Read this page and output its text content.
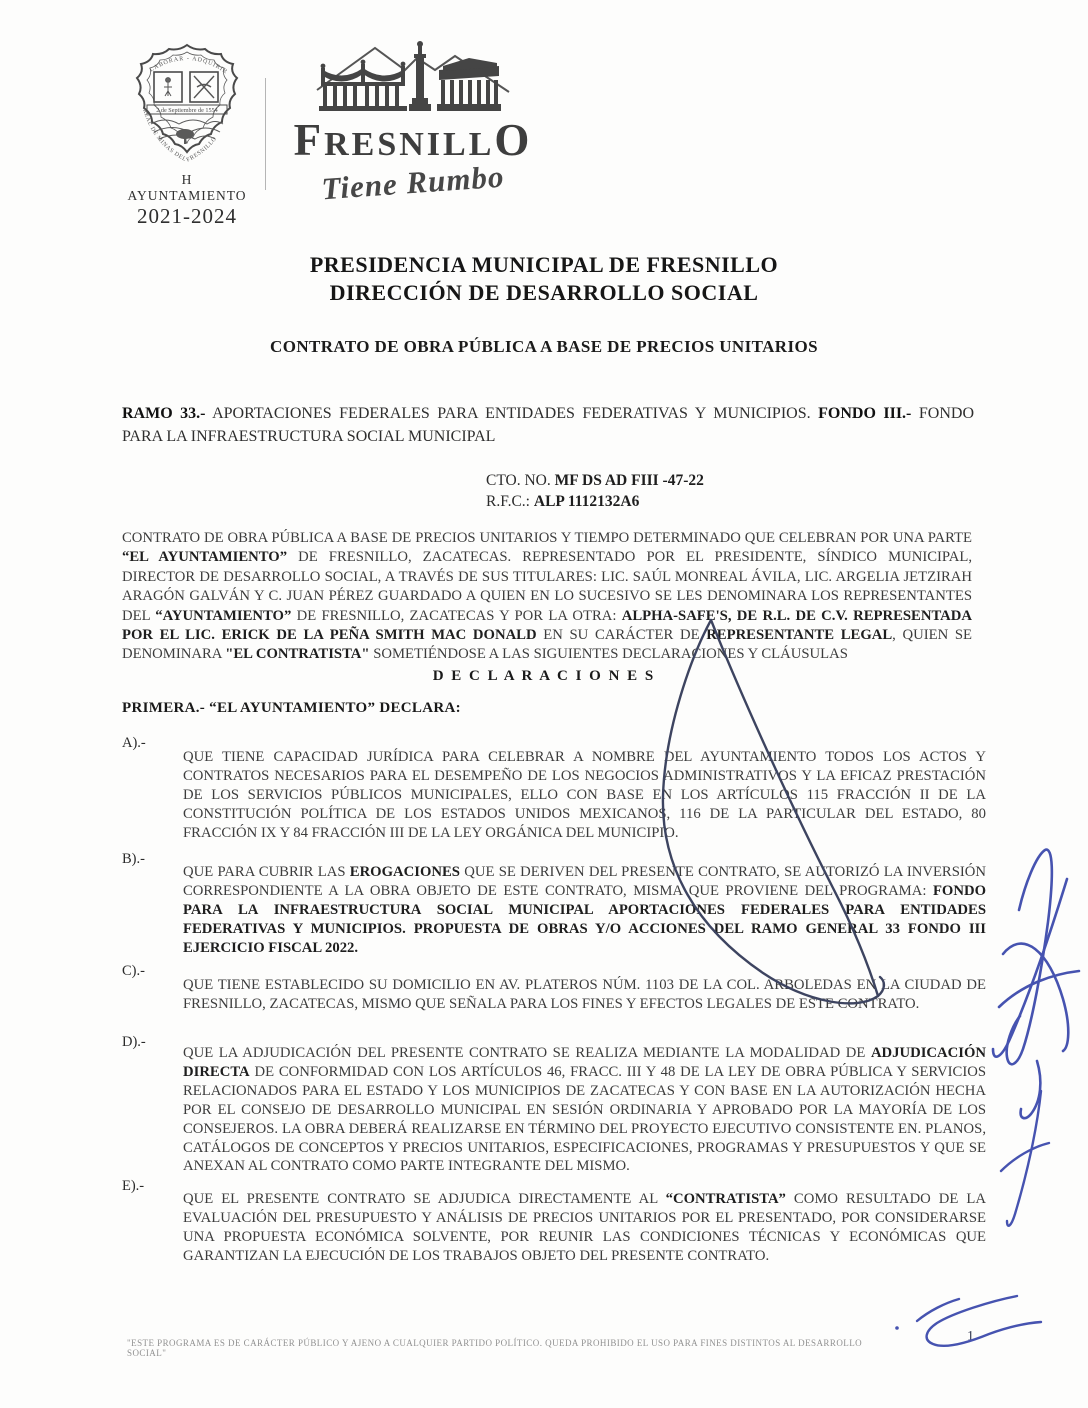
LABORAR - ADQUIRIR
2 de Septiembre de 1554
REAL DE MINAS DEL FRESNILLO
H AYUNTAMIENTO
2021-2024
FRESNILLO
Tiene Rumbo
PRESIDENCIA MUNICIPAL DE FRESNILLO
DIRECCIÓN DE DESARROLLO SOCIAL
CONTRATO DE OBRA PÚBLICA A BASE DE PRECIOS UNITARIOS
RAMO 33.- APORTACIONES FEDERALES PARA ENTIDADES FEDERATIVAS Y MUNICIPIOS. FONDO III.- FONDO PARA LA INFRAESTRUCTURA SOCIAL MUNICIPAL
CTO. NO. MF DS AD FIII -47-22
R.F.C.: ALP 1112132A6
CONTRATO DE OBRA PÚBLICA A BASE DE PRECIOS UNITARIOS Y TIEMPO DETERMINADO QUE CELEBRAN POR UNA PARTE “EL AYUNTAMIENTO” DE FRESNILLO, ZACATECAS. REPRESENTADO POR EL PRESIDENTE, SÍNDICO MUNICIPAL, DIRECTOR DE DESARROLLO SOCIAL, A TRAVÉS DE SUS TITULARES: LIC. SAÚL MONREAL ÁVILA, LIC. ARGELIA JETZIRAH ARAGÓN GALVÁN Y C. JUAN PÉREZ GUARDADO A QUIEN EN LO SUCESIVO SE LES DENOMINARA LOS REPRESENTANTES DEL “AYUNTAMIENTO” DE FRESNILLO, ZACATECAS Y POR LA OTRA: ALPHA-SAFE'S, DE R.L. DE C.V. REPRESENTADA POR EL LIC. ERICK DE LA PEÑA SMITH MAC DONALD EN SU CARÁCTER DE REPRESENTANTE LEGAL, QUIEN SE DENOMINARA "EL CONTRATISTA" SOMETIÉNDOSE A LAS SIGUIENTES DECLARACIONES Y CLÁUSULAS
D E C L A R A C I O N E S
PRIMERA.- “EL AYUNTAMIENTO” DECLARA:
A).-
QUE TIENE CAPACIDAD JURÍDICA PARA CELEBRAR A NOMBRE DEL AYUNTAMIENTO TODOS LOS ACTOS Y CONTRATOS NECESARIOS PARA EL DESEMPEÑO DE LOS NEGOCIOS ADMINISTRATIVOS Y LA EFICAZ PRESTACIÓN DE LOS SERVICIOS PÚBLICOS MUNICIPALES, ELLO CON BASE EN LOS ARTÍCULOS 115 FRACCIÓN II DE LA CONSTITUCIÓN POLÍTICA DE LOS ESTADOS UNIDOS MEXICANOS, 116 DE LA PARTICULAR DEL ESTADO, 80 FRACCIÓN IX Y 84 FRACCIÓN III DE LA LEY ORGÁNICA DEL MUNICIPIO.
B).-
QUE PARA CUBRIR LAS EROGACIONES QUE SE DERIVEN DEL PRESENTE CONTRATO, SE AUTORIZÓ LA INVERSIÓN CORRESPONDIENTE A LA OBRA OBJETO DE ESTE CONTRATO, MISMA QUE PROVIENE DEL PROGRAMA: FONDO PARA LA INFRAESTRUCTURA SOCIAL MUNICIPAL APORTACIONES FEDERALES PARA ENTIDADES FEDERATIVAS Y MUNICIPIOS. PROPUESTA DE OBRAS Y/O ACCIONES DEL RAMO GENERAL 33 FONDO III EJERCICIO FISCAL 2022.
C).-
QUE TIENE ESTABLECIDO SU DOMICILIO EN AV. PLATEROS NÚM. 1103 DE LA COL. ARBOLEDAS EN LA CIUDAD DE FRESNILLO, ZACATECAS, MISMO QUE SEÑALA PARA LOS FINES Y EFECTOS LEGALES DE ESTE CONTRATO.
D).-
QUE LA ADJUDICACIÓN DEL PRESENTE CONTRATO SE REALIZA MEDIANTE LA MODALIDAD DE ADJUDICACIÓN DIRECTA DE CONFORMIDAD CON LOS ARTÍCULOS 46, FRACC. III Y 48 DE LA LEY DE OBRA PÚBLICA Y SERVICIOS RELACIONADOS PARA EL ESTADO Y LOS MUNICIPIOS DE ZACATECAS Y CON BASE EN LA AUTORIZACIÓN HECHA POR EL CONSEJO DE DESARROLLO MUNICIPAL EN SESIÓN ORDINARIA Y APROBADO POR LA MAYORÍA DE LOS CONSEJEROS. LA OBRA DEBERÁ REALIZARSE EN TÉRMINO DEL PROYECTO EJECUTIVO CONSISTENTE EN. PLANOS, CATÁLOGOS DE CONCEPTOS Y PRECIOS UNITARIOS, ESPECIFICACIONES, PROGRAMAS Y PRESUPUESTOS Y QUE SE ANEXAN AL CONTRATO COMO PARTE INTEGRANTE DEL MISMO.
E).-
QUE EL PRESENTE CONTRATO SE ADJUDICA DIRECTAMENTE AL “CONTRATISTA” COMO RESULTADO DE LA EVALUACIÓN DEL PRESUPUESTO Y ANÁLISIS DE PRECIOS UNITARIOS POR EL PRESENTADO, POR CONSIDERARSE UNA PROPUESTA ECONÓMICA SOLVENTE, POR REUNIR LAS CONDICIONES TÉCNICAS Y ECONÓMICAS QUE GARANTIZAN LA EJECUCIÓN DE LOS TRABAJOS OBJETO DEL PRESENTE CONTRATO.
"ESTE PROGRAMA ES DE CARÁCTER PÚBLICO Y AJENO A CUALQUIER PARTIDO POLÍTICO. QUEDA PROHIBIDO EL USO PARA FINES DISTINTOS AL DESARROLLO SOCIAL"
1
